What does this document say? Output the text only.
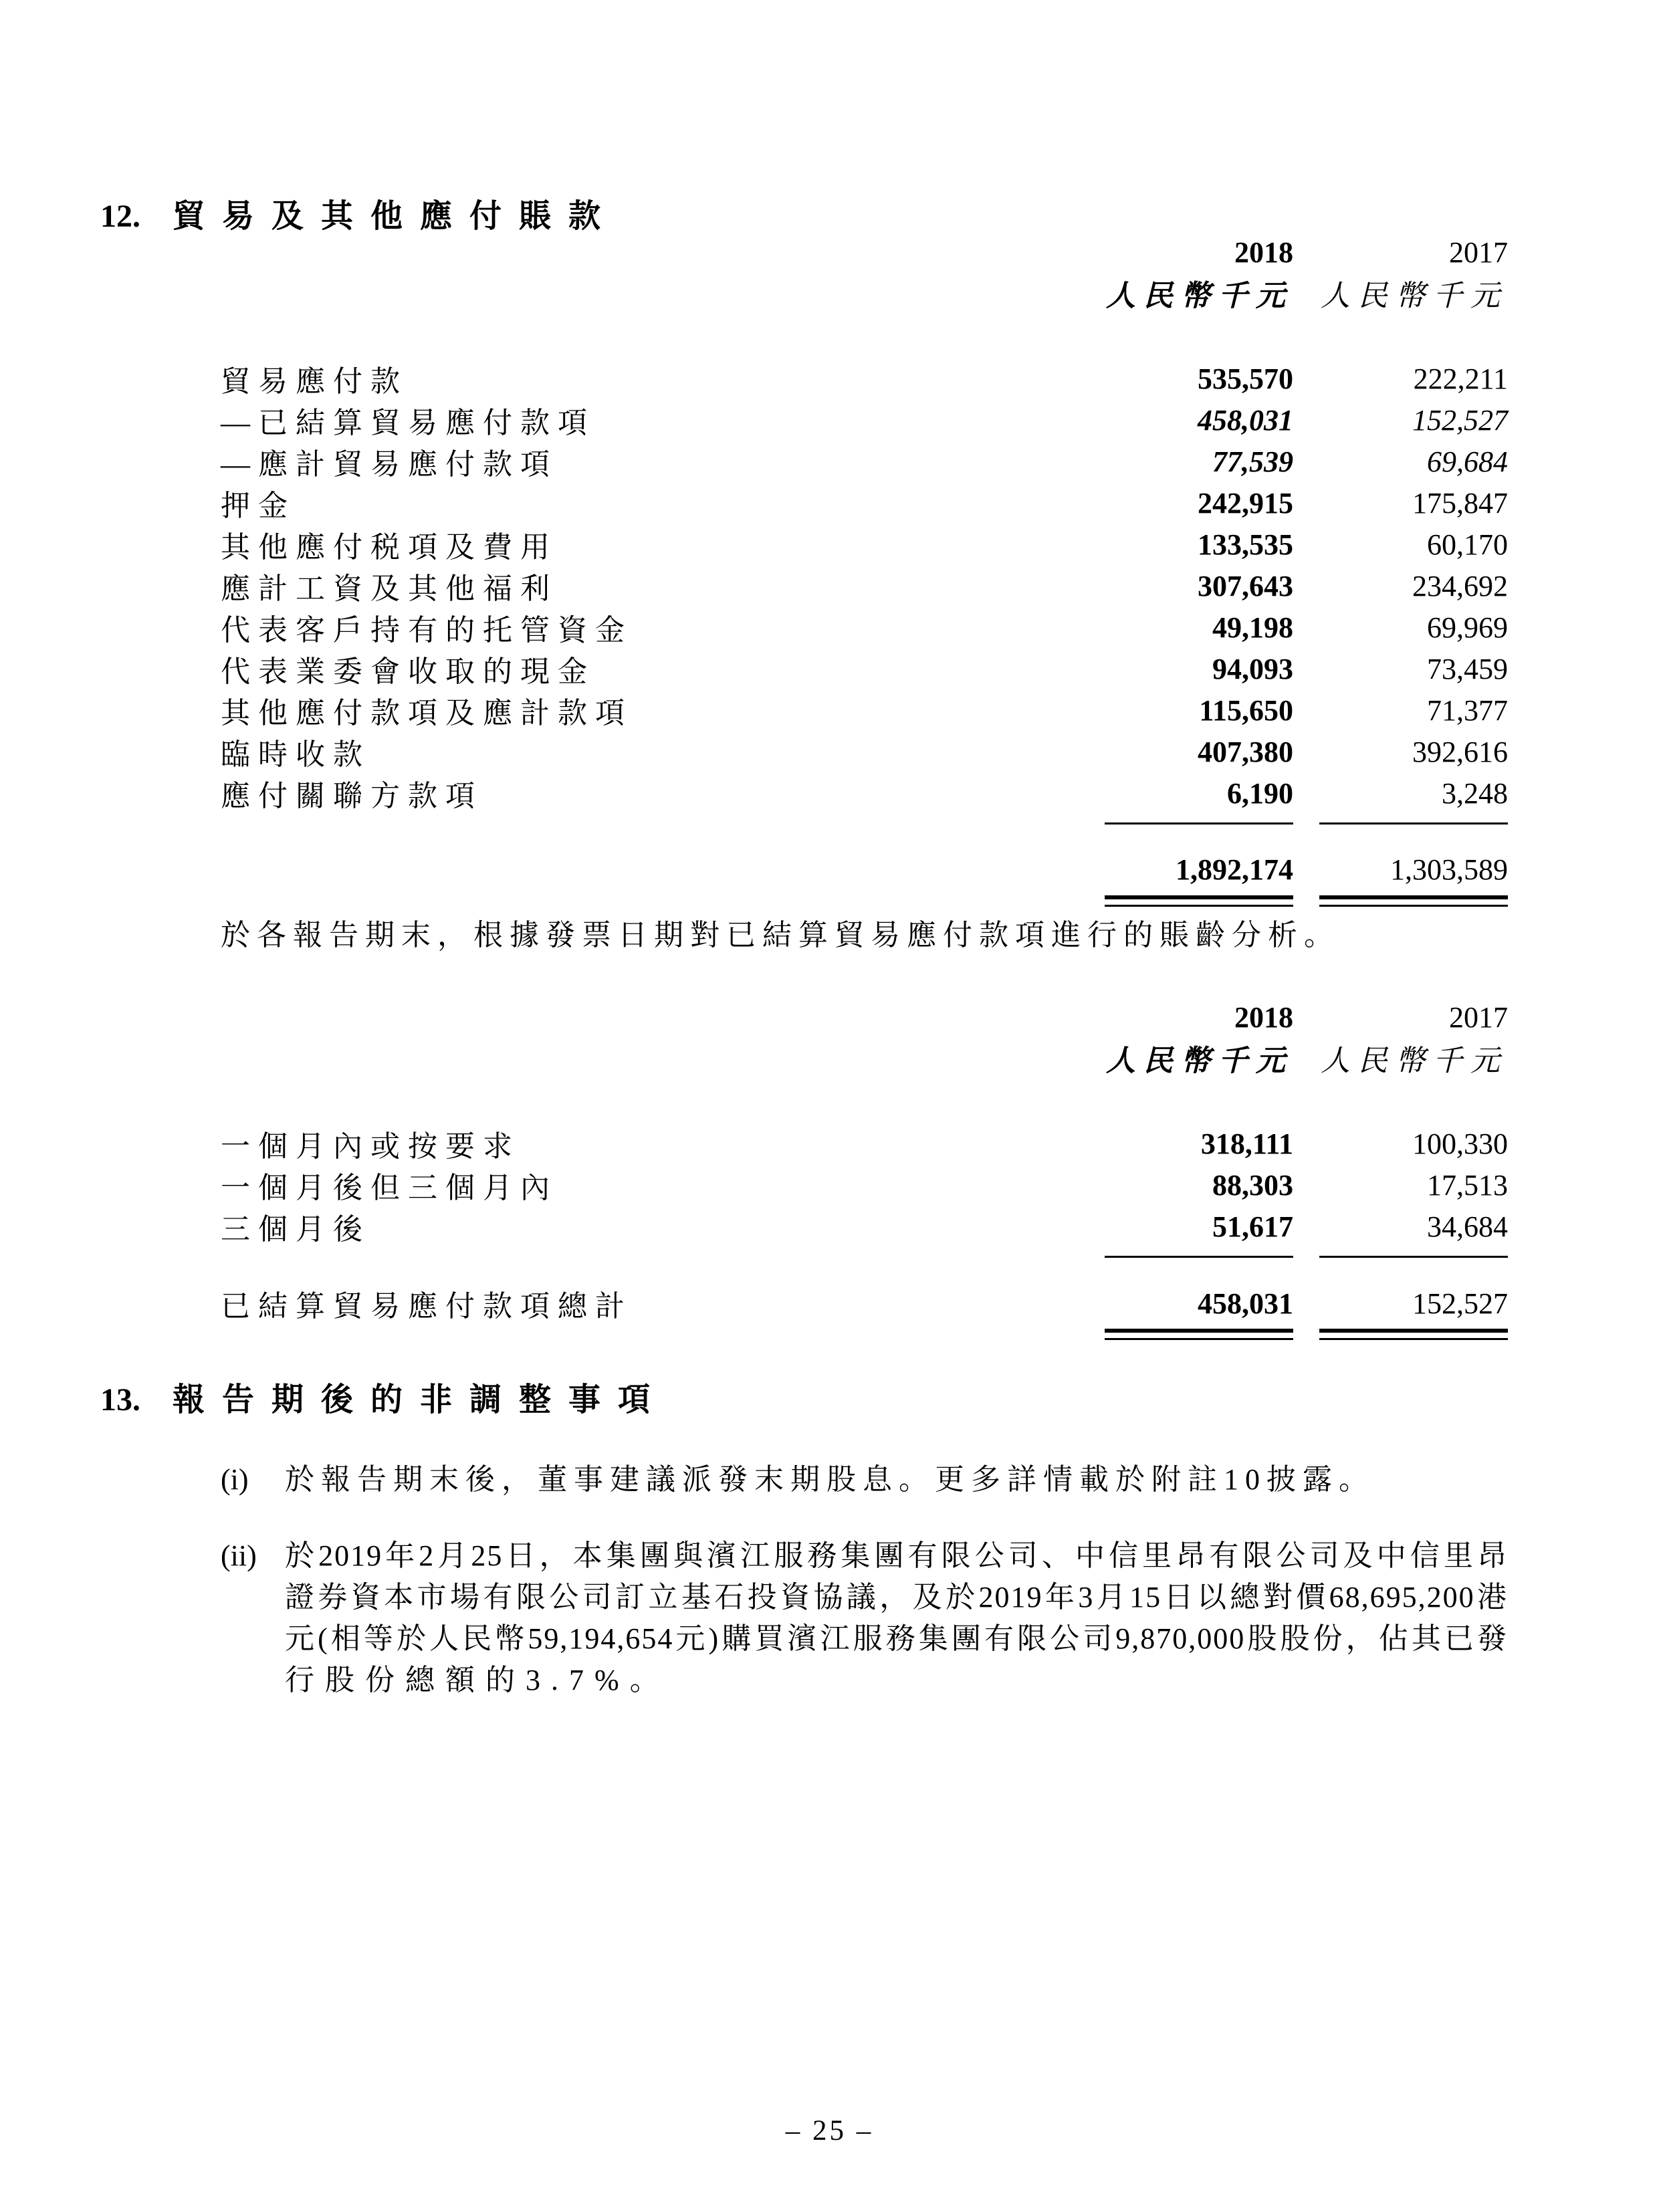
12.	貿易及其他應付賬款
2018	2017
人民幣千元 人民幣千元
貿易應付款	535,570	222,211
—已結算貿易應付款項	458,031	152,527
—應計貿易應付款項	77,539	69,684
押金	242,915	175,847
其他應付税項及費用	133,535	60,170
應計工資及其他福利	307,643	234,692
代表客戶持有的托管資金	49,198	69,969
代表業委會收取的現金	94,093	73,459
其他應付款項及應計款項	115,650	71,377
臨時收款	407,380	392,616
應付關聯方款項	6,190	3,248
1,892,174	1,303,589
於各報告期末，根據發票日期對已結算貿易應付款項進行的賬齡分析。
2018	2017
人民幣千元 人民幣千元
一個月內或按要求	318,111	100,330
一個月後但三個月內	88,303	17,513
三個月後	51,617	34,684
已結算貿易應付款項總計	458,031	152,527
13.	報告期後的非調整事項
(i)	於報告期末後，董事建議派發末期股息。更多詳情載於附註10披露。
(ii) 於2019年2月25日，本集團與濱江服務集團有限公司、中信里昂有限公司及中信里昂
證券資本市場有限公司訂立基石投資協議，及於2019年3月15日以總對價68,695,200港
元(相等於人民幣59,194,654元)購買濱江服務集團有限公司9,870,000股股份，佔其已發
行股份總額的3.7%。
– 25 –
